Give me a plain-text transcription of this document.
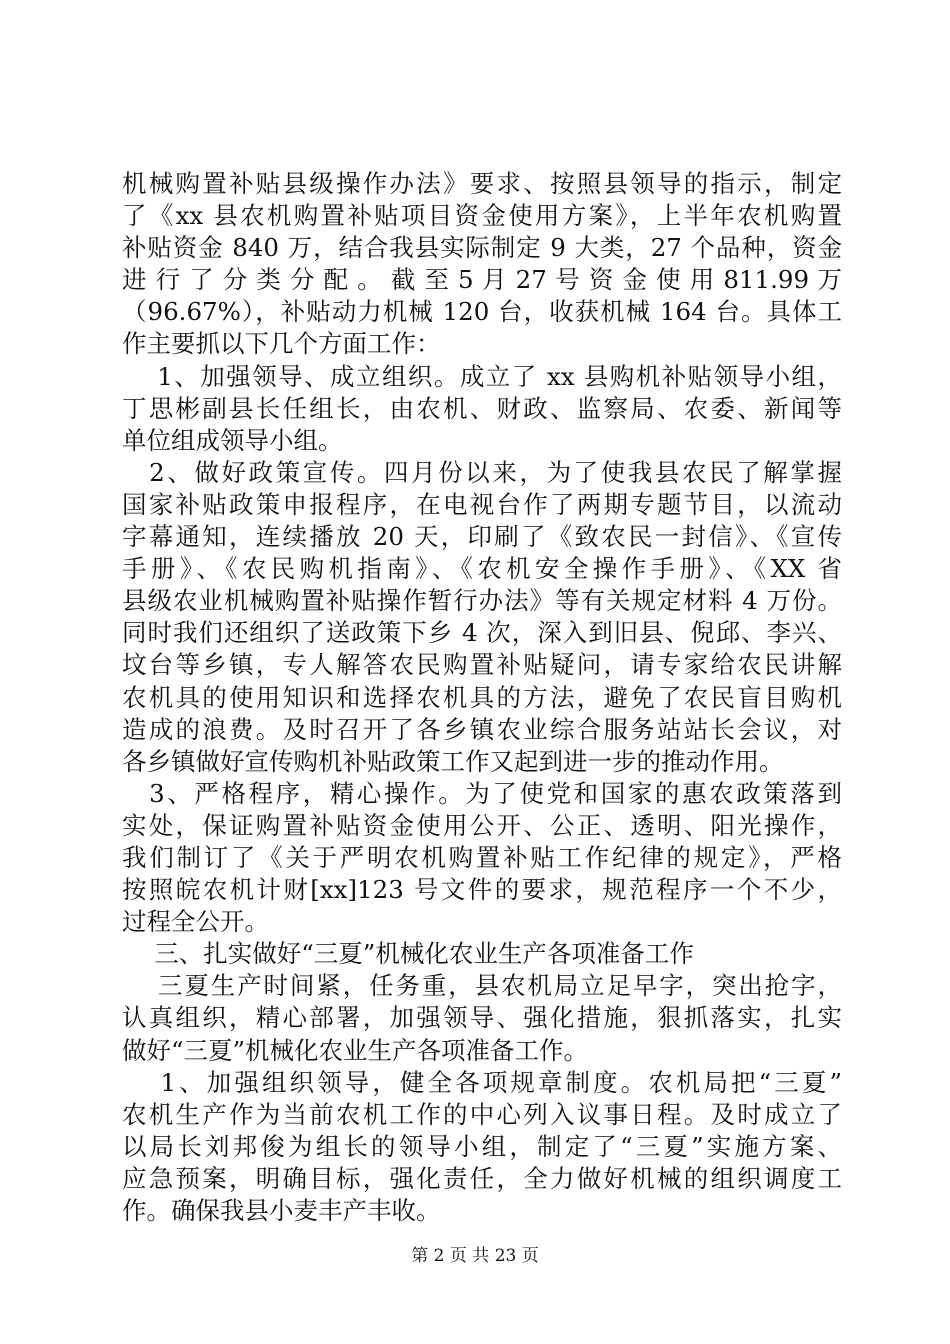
机械购置补贴县级操作办法》要求、按照县领导的指示，制定
了《xx 县农机购置补贴项目资金使用方案》，上半年农机购置
补贴资金 840 万，结合我县实际制定 9 大类，27 个品种，资金
进 行 了 分 类 分 配 。 截 至 5 月 27 号 资 金 使 用 811.99 万
（96.67%），补贴动力机械 120 台，收获机械 164 台。具体工
作主要抓以下几个方面工作：
　 1、加强领导、成立组织。成立了 xx 县购机补贴领导小组，
丁思彬副县长任组长，由农机、财政、监察局、农委、新闻等
单位组成领导小组。
　2、做好政策宣传。四月份以来，为了使我县农民了解掌握
国家补贴政策申报程序，在电视台作了两期专题节目，以流动
字幕通知，连续播放 20 天，印刷了《致农民一封信》、《宣传
手册》、《农民购机指南》、《农机安全操作手册》、《XX 省
县级农业机械购置补贴操作暂行办法》等有关规定材料 4 万份。
同时我们还组织了送政策下乡 4 次，深入到旧县、倪邱、李兴、
坟台等乡镇，专人解答农民购置补贴疑问，请专家给农民讲解
农机具的使用知识和选择农机具的方法，避免了农民盲目购机
造成的浪费。及时召开了各乡镇农业综合服务站站长会议，对
各乡镇做好宣传购机补贴政策工作又起到进一步的推动作用。
　3、严格程序，精心操作。为了使党和国家的惠农政策落到
实处，保证购置补贴资金使用公开、公正、透明、阳光操作，
我们制订了《关于严明农机购置补贴工作纪律的规定》，严格
按照皖农机计财[xx]123 号文件的要求，规范程序一个不少，
过程全公开。
　 三、扎实做好“三夏”机械化农业生产各项准备工作
　 三夏生产时间紧，任务重，县农机局立足早字，突出抢字，
认真组织，精心部署，加强领导、强化措施，狠抓落实，扎实
做好“三夏”机械化农业生产各项准备工作。
　 1、加强组织领导，健全各项规章制度。农机局把“三夏”
农机生产作为当前农机工作的中心列入议事日程。及时成立了
以局长刘邦俊为组长的领导小组，制定了“三夏”实施方案、
应急预案，明确目标，强化责任，全力做好机械的组织调度工
作。确保我县小麦丰产丰收。
第 2 页 共 23 页
